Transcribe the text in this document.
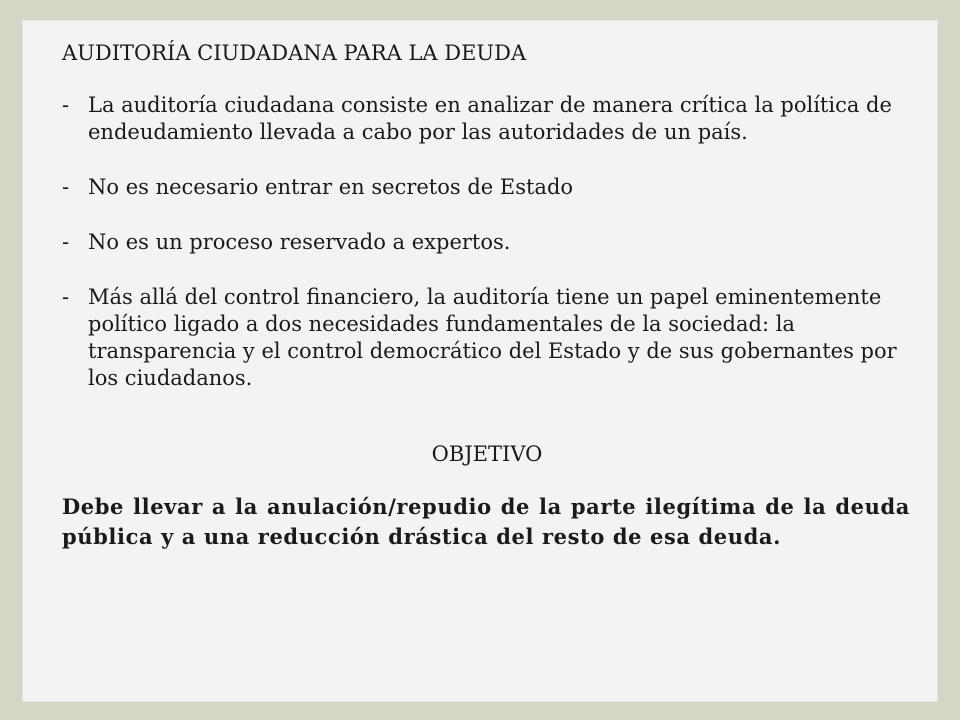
AUDITORÍA CIUDADANA PARA LA DEUDA
- La auditoría ciudadana consiste en analizar de manera crítica la política de endeudamiento llevada a cabo por las autoridades de un país.
- No es necesario entrar en secretos de Estado
- No es un proceso reservado a expertos.
- Más allá del control financiero, la auditoría tiene un papel eminentemente político ligado a dos necesidades fundamentales de la sociedad: la transparencia y el control democrático del Estado y de sus gobernantes por los ciudadanos.
OBJETIVO

Debe llevar a la anulación/repudio de la parte ilegítima de la deuda pública y a una reducción drástica del resto de esa deuda.
